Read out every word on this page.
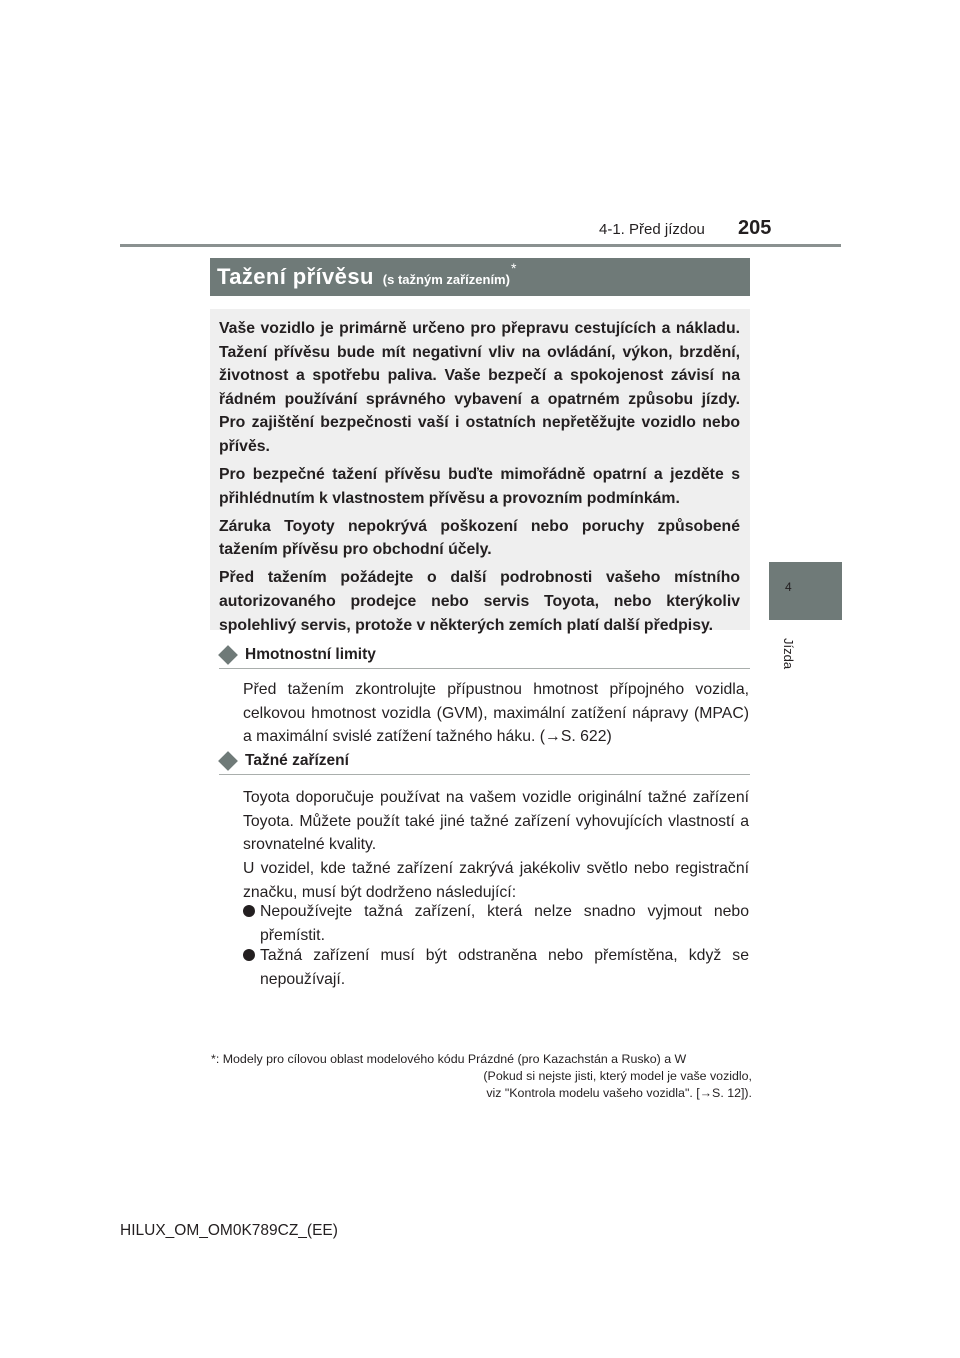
4-1. Před jízdou 205
4
Jízda
Tažení přívěsu (s tažným zařízením)
*

Vaše vozidlo je primárně určeno pro přepravu cestujících a nákladu. Tažení přívěsu bude mít negativní vliv na ovládání, výkon, brzdění, životnost a spotřebu paliva. Vaše bezpečí a spokojenost závisí na řádném používání správného vybavení a opatrném způsobu jízdy. Pro zajištění bezpečnosti vaší i ostatních nepřetěžujte vozidlo nebo přívěs.

Pro bezpečné tažení přívěsu buďte mimořádně opatrní a jezděte s přihlédnutím k vlastnostem přívěsu a provozním podmínkám.

Záruka Toyoty nepokrývá poškození nebo poruchy způsobené tažením přívěsu pro obchodní účely.

Před tažením požádejte o další podrobnosti vašeho místního autorizovaného prodejce nebo servis Toyota, nebo kterýkoliv spolehlivý servis, protože v některých zemích platí další předpisy.

Hmotnostní limity
Před tažením zkontrolujte přípustnou hmotnost přípojného vozidla, celkovou hmotnost vozidla (GVM), maximální zatížení nápravy (MPAC) a maximální svislé zatížení tažného háku. (→S. 622)
Tažné zařízení
Toyota doporučuje používat na vašem vozidle originální tažné zařízení Toyota. Můžete použít také jiné tažné zařízení vyhovujících vlastností a srovnatelné kvality.
U vozidel, kde tažné zařízení zakrývá jakékoliv světlo nebo registrační značku, musí být dodrženo následující:
Nepoužívejte tažná zařízení, která nelze snadno vyjmout nebo přemístit.
Tažná zařízení musí být odstraněna nebo přemístěna, když se nepoužívají.
*: Modely pro cílovou oblast modelového kódu Prázdné (pro Kazachstán a Rusko) a W
(Pokud si nejste jisti, který model je vaše vozidlo,
viz "Kontrola modelu vašeho vozidla". [→S. 12]).
HILUX_OM_OM0K789CZ_(EE)
